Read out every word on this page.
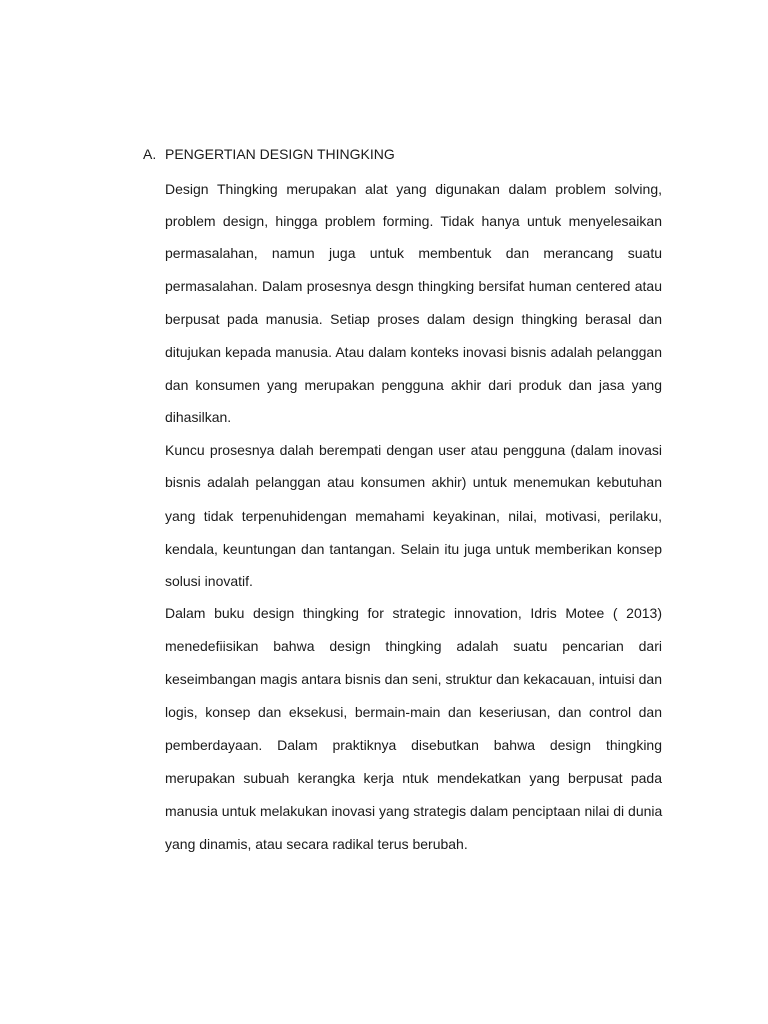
A. PENGERTIAN DESIGN THINGKING
Design Thingking merupakan alat yang digunakan dalam problem solving,
problem design, hingga problem forming. Tidak hanya untuk menyelesaikan
permasalahan, namun juga untuk membentuk dan merancang suatu
permasalahan. Dalam prosesnya desgn thingking bersifat human centered atau
berpusat pada manusia. Setiap proses dalam design thingking berasal dan
ditujukan kepada manusia. Atau dalam konteks inovasi bisnis adalah pelanggan
dan konsumen yang merupakan pengguna akhir dari produk dan jasa yang
dihasilkan.
Kuncu prosesnya dalah berempati dengan user atau pengguna (dalam inovasi
bisnis adalah pelanggan atau konsumen akhir) untuk menemukan kebutuhan
yang tidak terpenuhidengan memahami keyakinan, nilai, motivasi, perilaku,
kendala, keuntungan dan tantangan. Selain itu juga untuk memberikan konsep
solusi inovatif.
Dalam buku design thingking for strategic innovation, Idris Motee ( 2013)
menedefiisikan bahwa design thingking adalah suatu pencarian dari
keseimbangan magis antara bisnis dan seni, struktur dan kekacauan, intuisi dan
logis, konsep dan eksekusi, bermain-main dan keseriusan, dan control dan
pemberdayaan. Dalam praktiknya disebutkan bahwa design thingking
merupakan subuah kerangka kerja ntuk mendekatkan yang berpusat pada
manusia untuk melakukan inovasi yang strategis dalam penciptaan nilai di dunia
yang dinamis, atau secara radikal terus berubah.
